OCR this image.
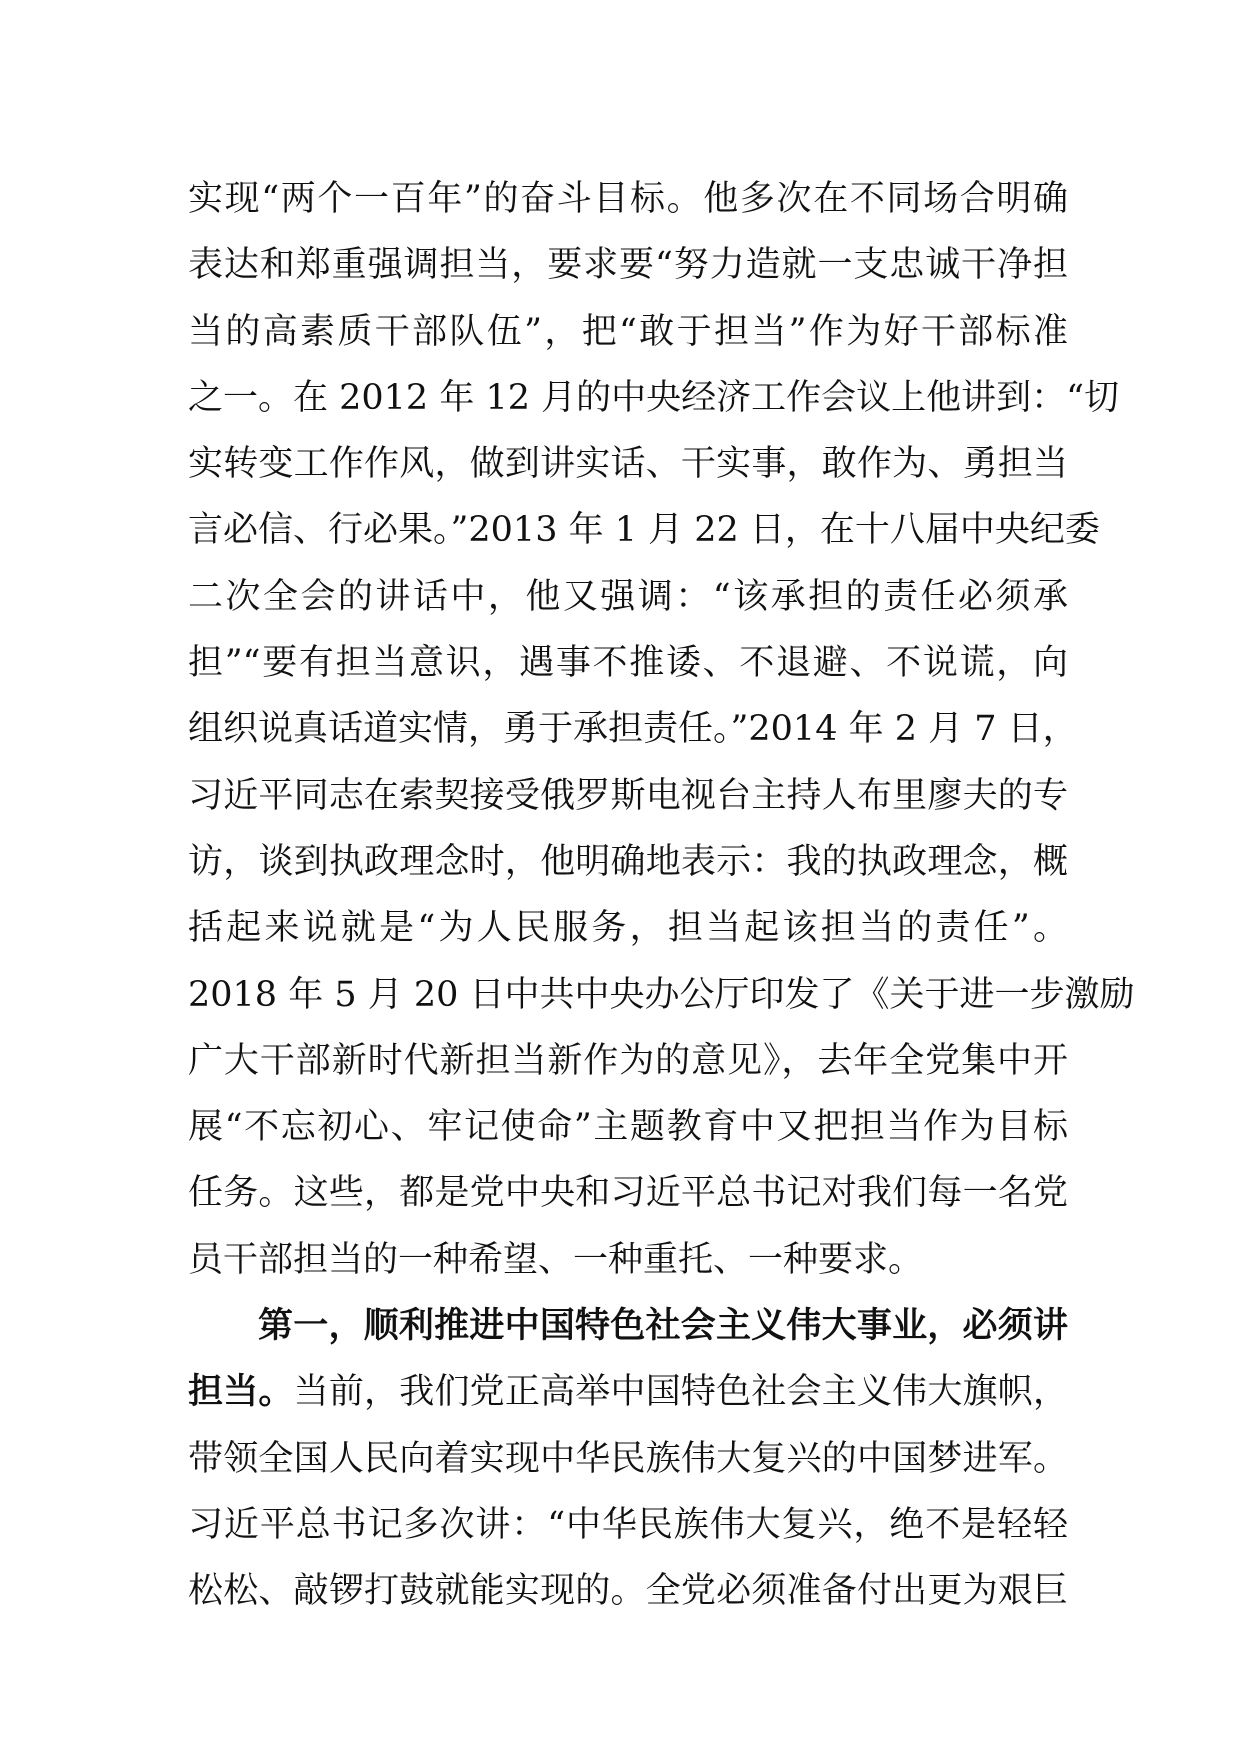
实现“两个一百年”的奋斗目标。他多次在不同场合明确
表达和郑重强调担当，要求要“努力造就一支忠诚干净担
当的高素质干部队伍”，把“敢于担当”作为好干部标准
之一。在 2012 年 12 月的中央经济工作会议上他讲到：“切
实转变工作作风，做到讲实话、干实事，敢作为、勇担当
言必信、行必果。”2013 年 1 月 22 日，在十八届中央纪委
二次全会的讲话中，他又强调：“该承担的责任必须承
担”“要有担当意识，遇事不推诿、不退避、不说谎，向
组织说真话道实情，勇于承担责任。”2014 年 2 月 7 日，
习近平同志在索契接受俄罗斯电视台主持人布里廖夫的专
访，谈到执政理念时，他明确地表示：我的执政理念，概
括起来说就是“为人民服务，担当起该担当的责任”。
2018 年 5 月 20 日中共中央办公厅印发了《关于进一步激励
广大干部新时代新担当新作为的意见》，去年全党集中开
展“不忘初心、牢记使命”主题教育中又把担当作为目标
任务。这些，都是党中央和习近平总书记对我们每一名党
员干部担当的一种希望、一种重托、一种要求。
第一，顺利推进中国特色社会主义伟大事业，必须讲
担当。当前，我们党正高举中国特色社会主义伟大旗帜，
带领全国人民向着实现中华民族伟大复兴的中国梦进军。
习近平总书记多次讲：“中华民族伟大复兴，绝不是轻轻
松松、敲锣打鼓就能实现的。全党必须准备付出更为艰巨
